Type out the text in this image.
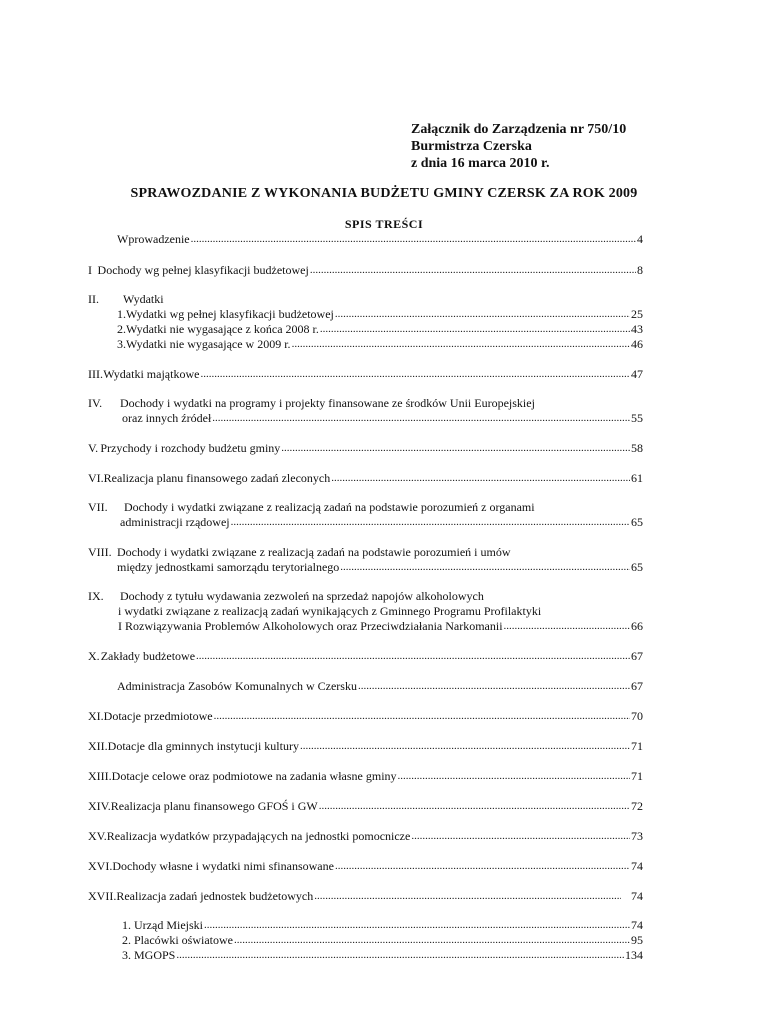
Załącznik do Zarządzenia nr 750/10
Burmistrza Czerska
z dnia 16 marca 2010 r.
SPRAWOZDANIE Z WYKONANIA BUDŻETU GMINY CZERSK ZA ROK 2009
SPIS TREŚCI
Wprowadzenie .....	4
I Dochody wg pełnej klasyfikacji budżetowej .....	8
II.	Wydatki
1. Wydatki wg pełnej klasyfikacji budżetowej .....	25
2. Wydatki nie wygasające z końca 2008 r. .....	43
3. Wydatki nie wygasające w 2009 r. .....	46
III. Wydatki majątkowe .....	47
IV.	Dochody i wydatki na programy i projekty finansowane ze środków Unii Europejskiej
oraz innych źródeł .....	55
V. Przychody i rozchody budżetu gminy .....	58
VI. Realizacja planu finansowego zadań zleconych .....	61
VII.	Dochody i wydatki związane z realizacją zadań na podstawie porozumień z organami
administracji rządowej .....	65
VIII. Dochody i wydatki związane z realizacją zadań na podstawie porozumień i umów
między jednostkami samorządu terytorialnego .....	65
IX.	Dochody z tytułu wydawania zezwoleń na sprzedaż napojów alkoholowych
i wydatki związane z realizacją zadań wynikających z Gminnego Programu Profilaktyki
I Rozwiązywania Problemów Alkoholowych oraz Przeciwdziałania Narkomanii .....	66
X. Zakłady budżetowe .....	67
Administracja Zasobów Komunalnych w Czersku .....	67
XI. Dotacje przedmiotowe .....	70
XII. Dotacje dla gminnych instytucji kultury .....	71
XIII. Dotacje celowe oraz podmiotowe na zadania własne gminy .....	71
XIV. Realizacja planu finansowego GFOŚ i GW .....	72
XV. Realizacja wydatków przypadających na jednostki pomocnicze .....	73
XVI. Dochody własne i wydatki nimi sfinansowane .....	74
XVII. Realizacja zadań jednostek budżetowych .....	74
1. Urząd Miejski .....	74
2. Placówki oświatowe .....	95
3. MGOPS .....	134
